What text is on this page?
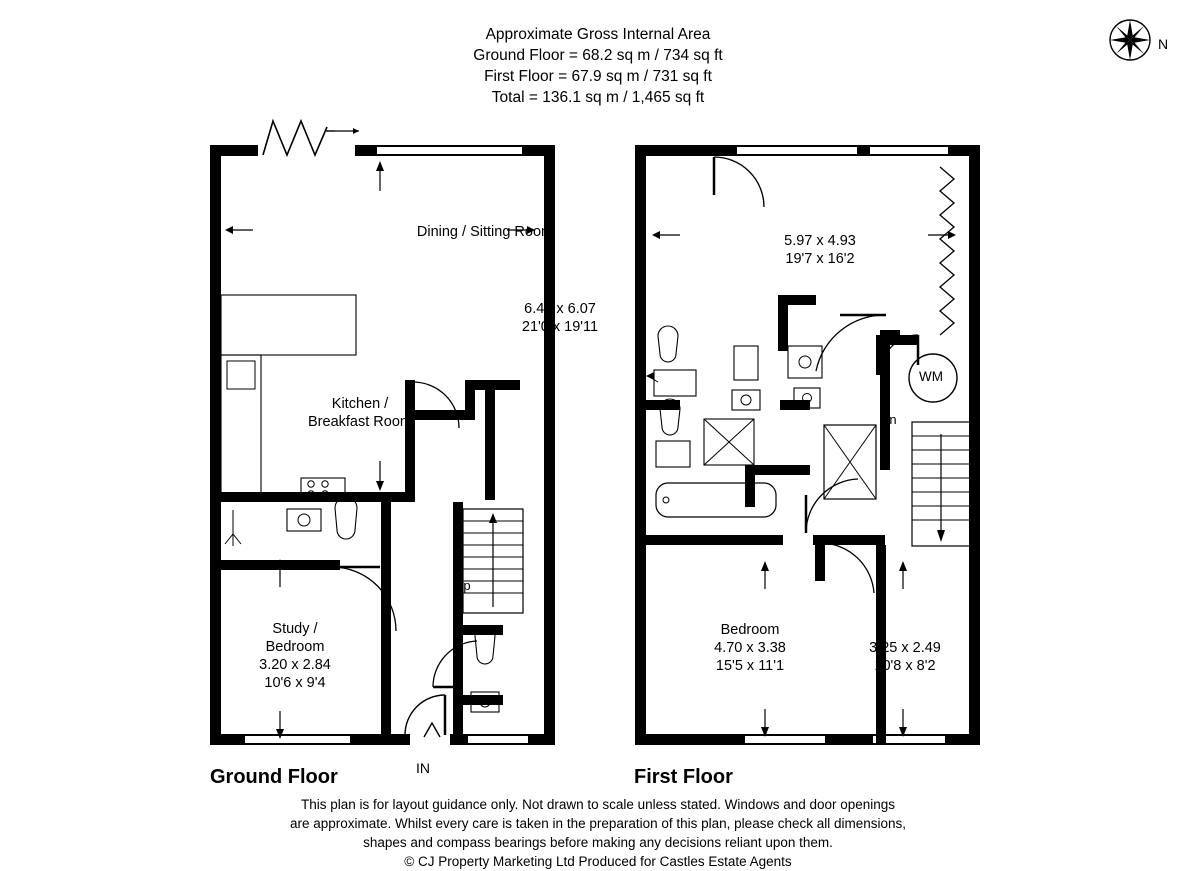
Approximate Gross Internal Area
Ground Floor = 68.2 sq m / 734 sq ft
First Floor = 67.9 sq m / 731 sq ft
Total = 136.1 sq m / 1,465 sq ft
N
Up
Dining / Sitting Room
6.40 x 6.07
21'0 x 19'11
Kitchen /
Breakfast Room
Study /
Bedroom
3.20 x 2.84
10'6 x 9'4
Ground Floor	IN
WM
Dn
5.97 x 4.93
19'7 x 16'2
Bedroom
4.70 x 3.38
15'5 x 11'1
3.25 x 2.49
10'8 x 8'2
First Floor
This plan is for layout guidance only. Not drawn to scale unless stated. Windows and door openings
are approximate. Whilst every care is taken in the preparation of this plan, please check all dimensions,
shapes and compass bearings before making any decisions reliant upon them.
© CJ Property Marketing Ltd Produced for Castles Estate Agents
